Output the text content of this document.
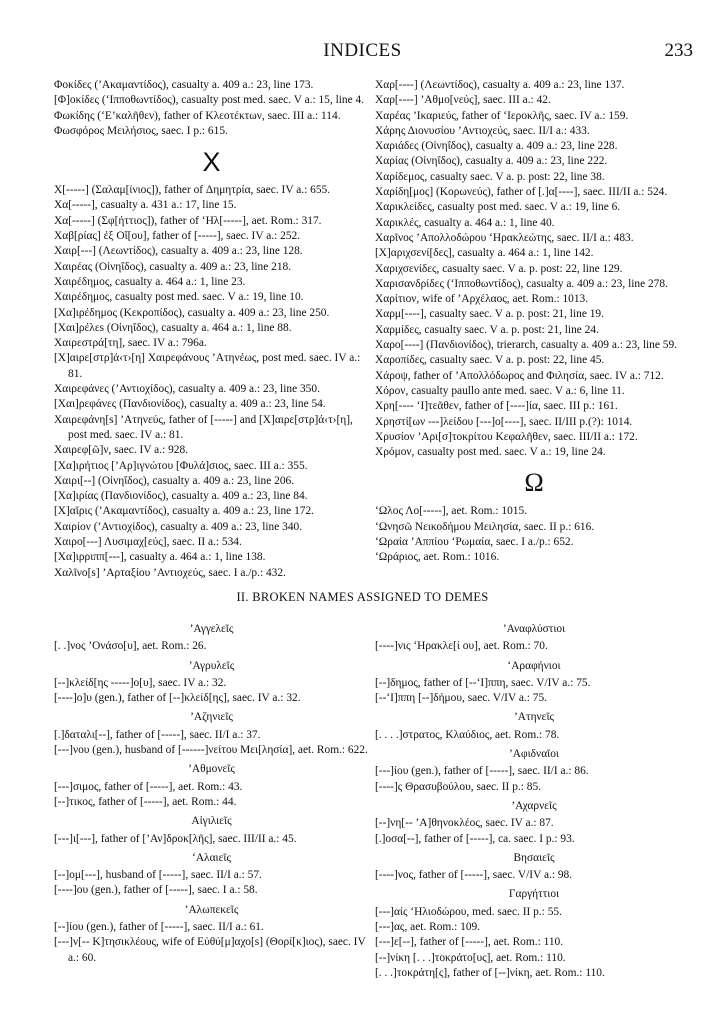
INDICES	233
Φοκίδες (’Ακαμαντίδος), casualty a. 409 a.: 23, line 173.
[Φ]οκίδες (‘Ιπποθωντίδος), casualty post med. saec. V a.: 15, line 4.
Φωκίδης (‘Ε’καλῆθεν), father of Κλεοτέκτων, saec. III a.: 114.
Φωσφόρος Μειλήσιος, saec. I p.: 615.
X
X[-----] (Σαλαμ[ίνιος]), father of Δημητρία, saec. IV a.: 655.
Χα[-----], casualty a. 431 a.: 17, line 15.
Χα[-----] (Σφ[ήττιος]), father of ‘Ηλ[-----], aet. Rom.: 317.
Χαβ[ρίας] ἐξ Οἴ[ου], father of [-----], saec. IV a.: 252.
Χαιρ[---] (Λεωντίδος), casualty a. 409 a.: 23, line 128.
Χαιρέας (Οἰνηΐδος), casualty a. 409 a.: 23, line 218.
Χαιρέδημος, casualty a. 464 a.: 1, line 23.
Χαιρέδημος, casualty post med. saec. V a.: 19, line 10.
[Χα]ιρέδημος (Κεκροπίδος), casualty a. 409 a.: 23, line 250.
[Χαι]ρέλεs (Οἰνηΐδος), casualty a. 464 a.: 1, line 88.
Χαιρεστρά[τη], saec. IV a.: 796a.
[Χ]αιρε[στρ]ά‹τ›[η] Χαιρεφάνους ’Ατηνέως, post med. saec. IV a.: 81.
Χαιρεφάνες (’Αντιοχίδος), casualty a. 409 a.: 23, line 350.
[Χαι]ρεφάνες (Πανδιονίδος), casualty a. 409 a.: 23, line 54.
Χαιρεφάνη[s] ’Ατηνεύς, father of [-----] and [Χ]αιρε[στρ]ά‹τ›[η], post med. saec. IV a.: 81.
Χαιρεφ[ῶ]ν, saec. IV a.: 928.
[Χα]ιρήτιος [’Αρ]ιγνώτου [Φυλά]σιος, saec. III a.: 355.
Χαιρι[--] (Οἰνηΐδος), casualty a. 409 a.: 23, line 206.
[Χα]ιρίας (Πανδιονίδος), casualty a. 409 a.: 23, line 84.
[Χ]αῖρις (’Ακαμαντίδος), casualty a. 409 a.: 23, line 172.
Χαιρίον (’Αντιοχίδος), casualty a. 409 a.: 23, line 340.
Χαιρο[---] Λυσιμαχ[εύς], saec. II a.: 534.
[Χα]ιρριππ[---], casualty a. 464 a.: 1, line 138.
Χαλῖνο[s] ’Αρταξίου ’Αντιοχεύς, saec. I a./p.: 432.
Χαρ[----] (Λεωντίδος), casualty a. 409 a.: 23, line 137.
Χαρ[----] ’Αθμο[νεύς], saec. III a.: 42.
Χαρέας ’Ικαριεύς, father of ‘Ιεροκλῆς, saec. IV a.: 159.
Χάρης Διονυσίου ’Αντιοχεύς, saec. II/I a.: 433.
Χαριάδες (Οἰνηΐδος), casualty a. 409 a.: 23, line 228.
Χαρίας (Οἰνηΐδος), casualty a. 409 a.: 23, line 222.
Χαρίδεμος, casualty saec. V a. p. post: 22, line 38.
Χαρίδη[μος] (Κορωνεύς), father of [.]α[----], saec. III/II a.: 524.
Χαρικλείδες, casualty post med. saec. V a.: 19, line 6.
Χαρικλές, casualty a. 464 a.: 1, line 40.
Χαρῖνος ’Απολλοδώρου ‘Ηρακλεώτης, saec. II/I a.: 483.
[Χ]αριχσενί[δες], casualty a. 464 a.: 1, line 142.
Χαριχσενίδες, casualty saec. V a. p. post: 22, line 129.
Χαρισανδρίδες (‘Ιπποθωντίδος), casualty a. 409 a.: 23, line 278.
Χαρίτιον, wife of ’Αρχέλαος, aet. Rom.: 1013.
Χαρμ[----], casualty saec. V a. p. post: 21, line 19.
Χαρμίδες, casualty saec. V a. p. post: 21, line 24.
Χαρο[----] (Πανδιονίδος), trierarch, casualty a. 409 a.: 23, line 59.
Χαροπίδες, casualty saec. V a. p. post: 22, line 45.
Χάροψ, father of ’Απολλόδωρος and Φιλησία, saec. IV a.: 712.
Χόρον, casualty paullo ante med. saec. V a.: 6, line 11.
Χρη[---- ‘Ι]τεᾶθεν, father of [----]ία, saec. III p.: 161.
Χρηστί[ων ---]λείδου [---]ο[----], saec. II/III p.(?): 1014.
Χρυσίον ’Αρι[σ]τοκρίτου Κεφαλῆθεν, saec. III/II a.: 172.
Χρόμον, casualty post med. saec. V a.: 19, line 24.
Ω
‘Ωλος Λο[-----], aet. Rom.: 1015.
‘Ωνησῶ Νεικοδήμου Μειλησία, saec. II p.: 616.
‘Ωραία ’Αππίου ‘Ρωμαία, saec. I a./p.: 652.
‘Ωράριος, aet. Rom.: 1016.
II. BROKEN NAMES ASSIGNED TO DEMES
’Αγγελεῖς
[. .]νος ’Ονάσο[υ], aet. Rom.: 26.
’Αγρυλεῖς
[--]κλείδ[ης -----]ο[υ], saec. IV a.: 32.
[----]ο]υ (gen.), father of [--]κλείδ[ης], saec. IV a.: 32.
’Αζηνιεῖς
[.]δαταλι[--], father of [-----], saec. II/I a.: 37.
[---]νου (gen.), husband of [------]νείτου Μει[λησία], aet. Rom.: 622.
’Αθμονεῖς
[---]σιμος, father of [-----], aet. Rom.: 43.
[--]τικος, father of [-----], aet. Rom.: 44.
Αἰγιλιεῖς
[---]ι[---], father of [’Αν]δροκ[λῆς], saec. III/II a.: 45.
‘Αλαιεῖς
[--]ομ[---], husband of [-----], saec. II/I a.: 57.
[----]ου (gen.), father of [-----], saec. I a.: 58.
’Αλωπεκεῖς
[--]ίου (gen.), father of [-----], saec. II/I a.: 61.
[---]ν[-- Κ]τησικλέους, wife of Εὐθύ[μ]αχο[s] (Θορί[κ]ιος), saec. IV a.: 60.
’Αναφλύστιοι
[----]νις ‘Ηρακλε[ί ου], aet. Rom.: 70.
‘Αραφήνιοι
[--]δημος, father of [--‘Ι]ππη, saec. V/IV a.: 75.
[--‘Ι]ππη [--]δήμου, saec. V/IV a.: 75.
’Ατηνεῖς
[. . . .]στρατος, Κλαύδιος, aet. Rom.: 78.
’Αφιδναῖοι
[---]ίου (gen.), father of [-----], saec. II/I a.: 86.
[----]ς Θρασυβούλου, saec. II p.: 85.
’Αχαρνεῖς
[--]νη[-- ’Α]θηνοκλέος, saec. IV a.: 87.
[.]οσα[--], father of [-----], ca. saec. I p.: 93.
Βησαιεῖς
[----]νος, father of [-----], saec. V/IV a.: 98.
Γαργήττιοι
[---]αίς ‘Ηλιοδώρου, med. saec. II p.: 55.
[---]ας, aet. Rom.: 109.
[---]ε[--], father of [-----], aet. Rom.: 110.
[--]νίκη [. . .]τοκράτο[υς], aet. Rom.: 110.
[. . .]τοκράτη[ς], father of [--]νίκη, aet. Rom.: 110.
